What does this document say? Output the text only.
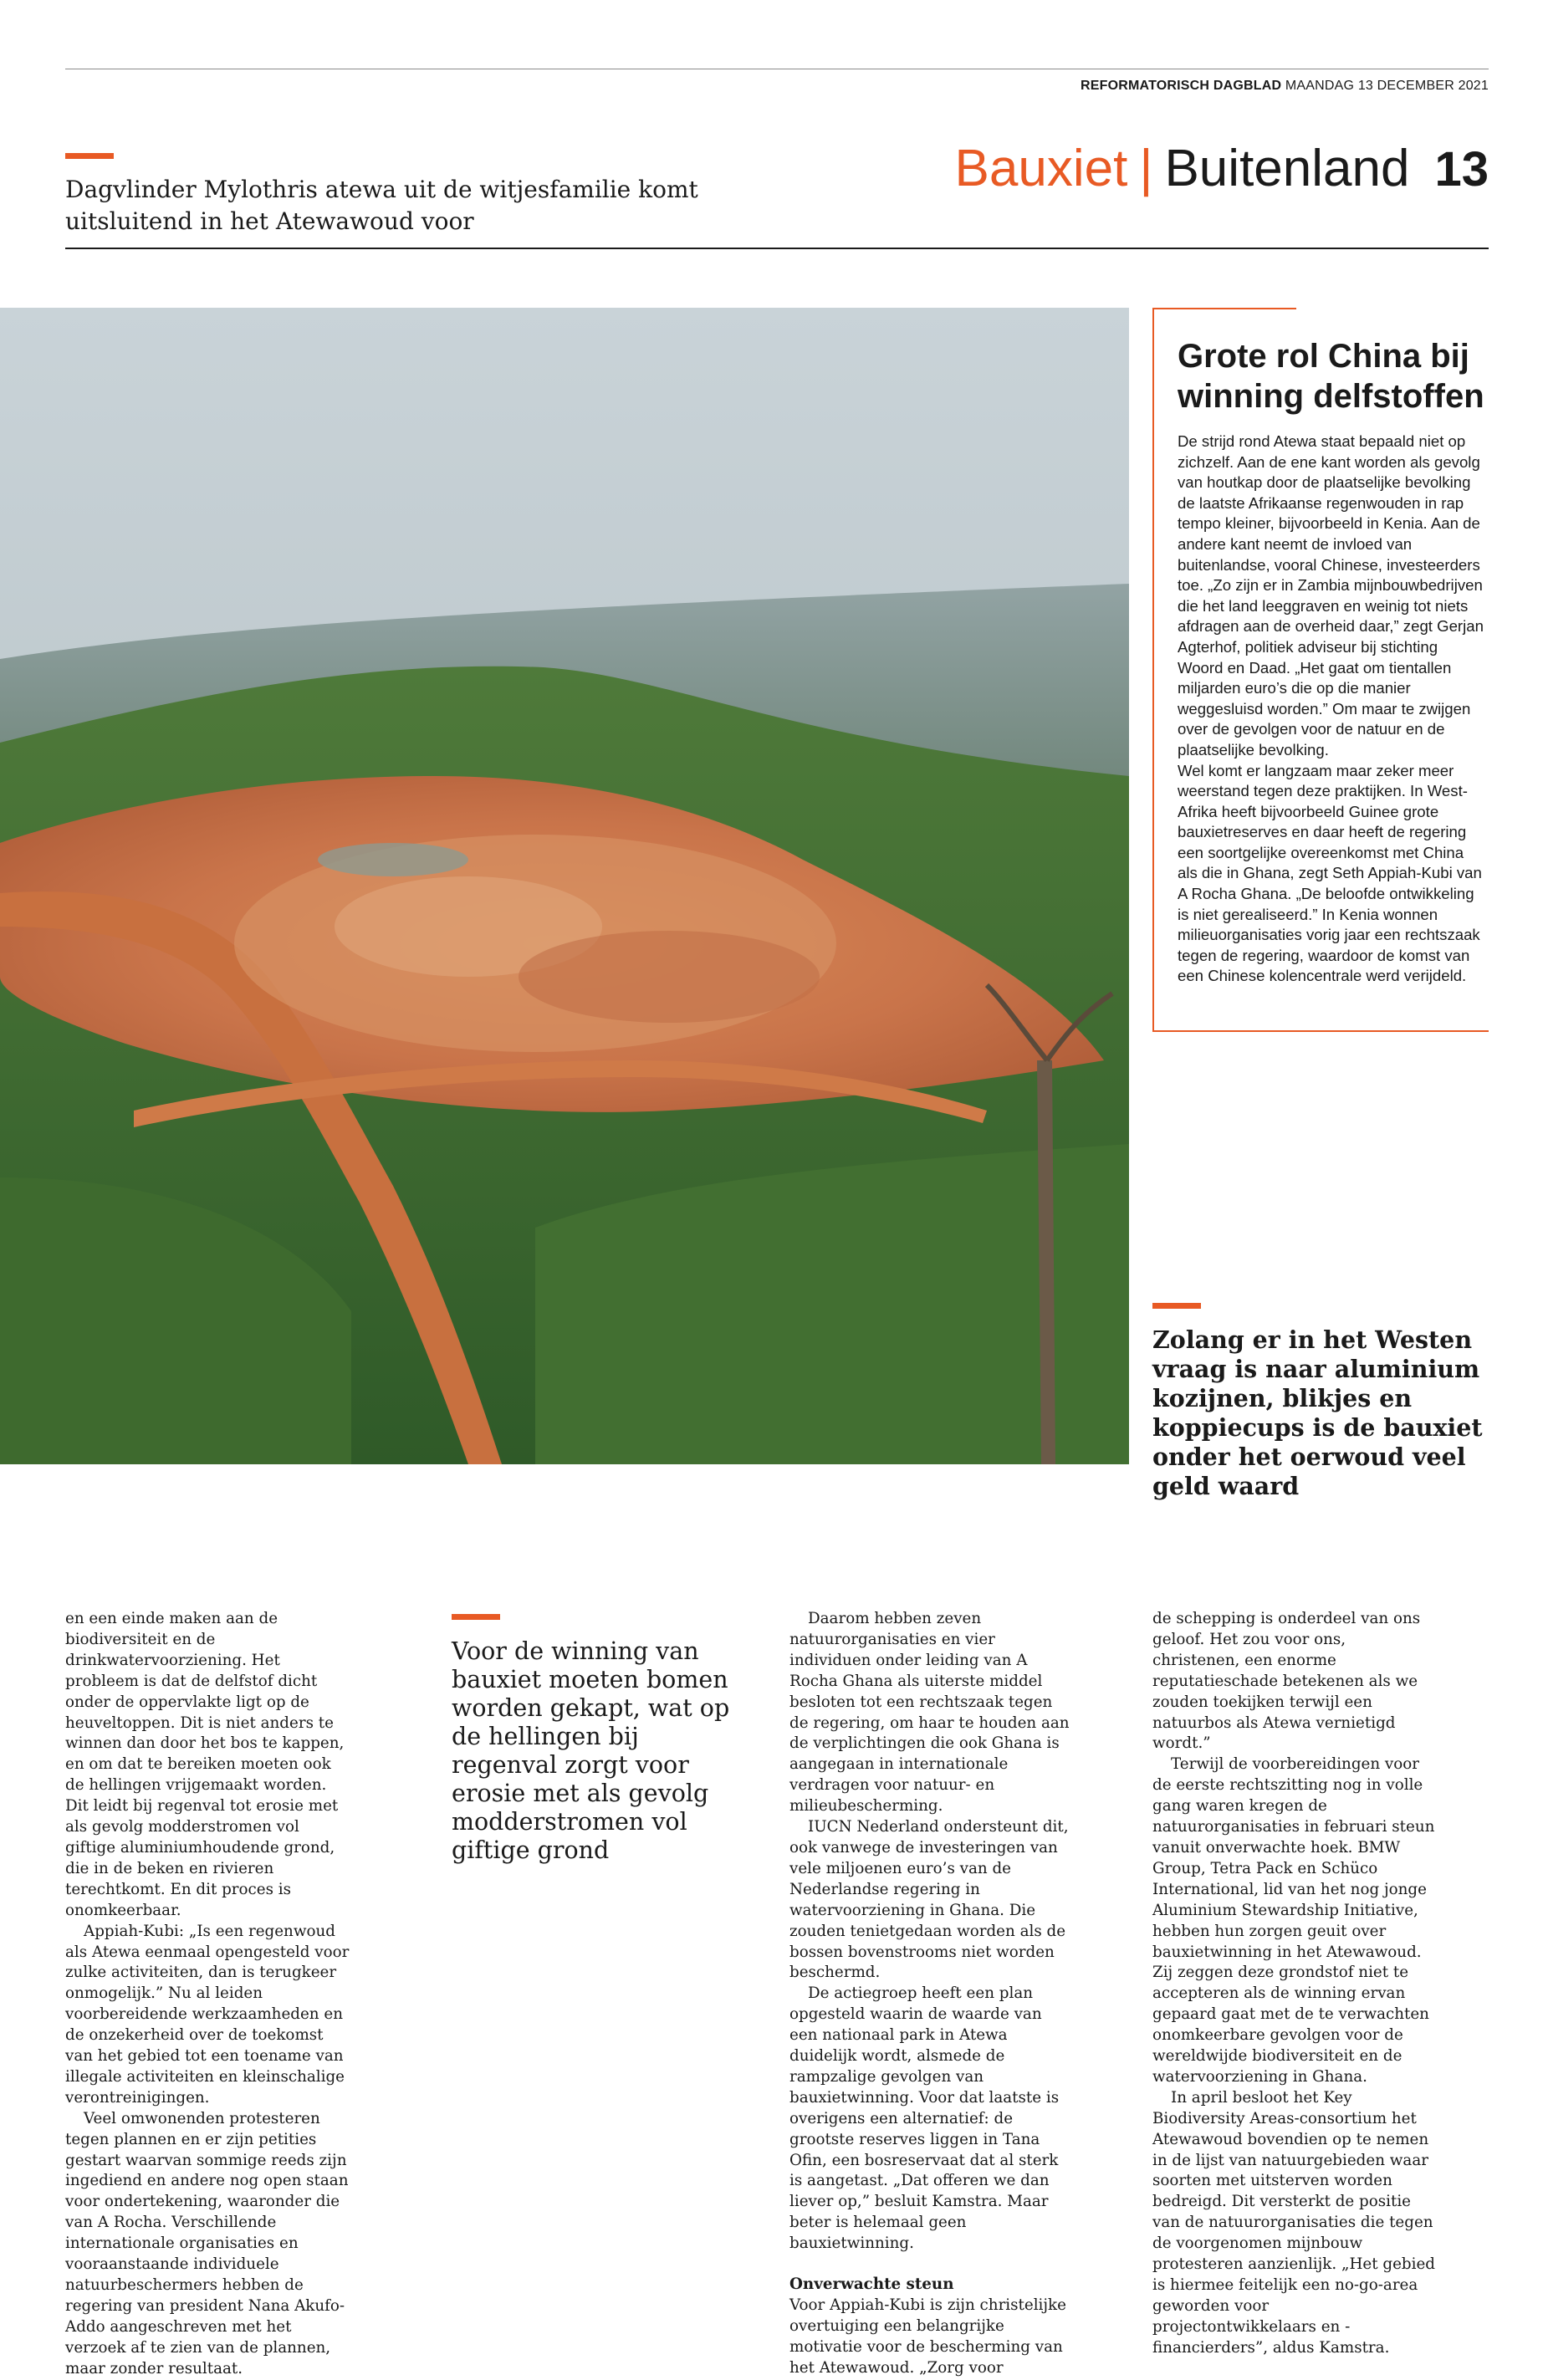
REFORMATORISCH DAGBLAD MAANDAG 13 DECEMBER 2021
Dagvlinder Mylothris atewa uit de witjesfamilie komt uitsluitend in het Atewawoud voor
Bauxiet | Buitenland 13
Grote rol China bij winning delfstoffen

De strijd rond Atewa staat bepaald niet op zichzelf. Aan de ene kant worden als gevolg van houtkap door de plaatselijke bevolking de laatste Afrikaanse regenwouden in rap tempo kleiner, bijvoorbeeld in Kenia. Aan de andere kant neemt de invloed van buitenlandse, vooral Chinese, investeerders toe. „Zo zijn er in Zambia mijnbouwbedrijven die het land leeggraven en weinig tot niets afdragen aan de overheid daar,” zegt Gerjan Agterhof, politiek adviseur bij stichting Woord en Daad. „Het gaat om tientallen miljarden euro’s die op die manier weggesluisd worden.” Om maar te zwijgen over de gevolgen voor de natuur en de plaatselijke bevolking.

Wel komt er langzaam maar zeker meer weerstand tegen deze praktijken. In West-Afrika heeft bijvoorbeeld Guinee grote bauxietreserves en daar heeft de regering een soortgelijke overeenkomst met China als die in Ghana, zegt Seth Appiah-Kubi van A Rocha Ghana. „De beloofde ontwikkeling is niet gerealiseerd.” In Kenia wonnen milieuorganisaties vorig jaar een rechtszaak tegen de regering, waardoor de komst van een Chinese kolencentrale werd verijdeld.

Zolang er in het Westen vraag is naar aluminium kozijnen, blikjes en koppiecups is de bauxiet onder het oerwoud veel geld waard

en een einde maken aan de biodiversiteit en de drinkwatervoorziening. Het probleem is dat de delfstof dicht onder de oppervlakte ligt op de heuveltoppen. Dit is niet anders te winnen dan door het bos te kappen, en om dat te bereiken moeten ook de hellingen vrijgemaakt worden. Dit leidt bij regenval tot erosie met als gevolg modderstromen vol giftige aluminiumhoudende grond, die in de beken en rivieren terechtkomt. En dit proces is onomkeerbaar.

Appiah-Kubi: „Is een regenwoud als Atewa eenmaal opengesteld voor zulke activiteiten, dan is terugkeer onmogelijk.” Nu al leiden voorbereidende werkzaamheden en de onzekerheid over de toekomst van het gebied tot een toename van illegale activiteiten en kleinschalige verontreinigingen.

Veel omwonenden protesteren tegen plannen en er zijn petities gestart waarvan sommige reeds zijn ingediend en andere nog open staan voor ondertekening, waaronder die van A Rocha. Verschillende internationale organisaties en vooraanstaande individuele natuurbeschermers hebben de regering van president Nana Akufo-Addo aangeschreven met het verzoek af te zien van de plannen, maar zonder resultaat.

Voor de winning van bauxiet moeten bomen worden gekapt, wat op de hellingen bij regenval zorgt voor erosie met als gevolg modderstromen vol giftige grond

Daarom hebben zeven natuurorganisaties en vier individuen onder leiding van A Rocha Ghana als uiterste middel besloten tot een rechtszaak tegen de regering, om haar te houden aan de verplichtingen die ook Ghana is aangegaan in internationale verdragen voor natuur- en milieubescherming.

IUCN Nederland ondersteunt dit, ook vanwege de investeringen van vele miljoenen euro’s van de Nederlandse regering in watervoorziening in Ghana. Die zouden tenietgedaan worden als de bossen bovenstrooms niet worden beschermd.

De actiegroep heeft een plan opgesteld waarin de waarde van een nationaal park in Atewa duidelijk wordt, alsmede de rampzalige gevolgen van bauxietwinning. Voor dat laatste is overigens een alternatief: de grootste reserves liggen in Tana Ofin, een bosreservaat dat al sterk is aangetast. „Dat offeren we dan liever op,” besluit Kamstra. Maar beter is helemaal geen bauxietwinning.

Onverwachte steun

Voor Appiah-Kubi is zijn christelijke overtuiging een belangrijke motivatie voor de bescherming van het Atewawoud. „Zorg voor

de schepping is onderdeel van ons geloof. Het zou voor ons, christenen, een enorme reputatieschade betekenen als we zouden toekijken terwijl een natuurbos als Atewa vernietigd wordt.”

Terwijl de voorbereidingen voor de eerste rechtszitting nog in volle gang waren kregen de natuurorganisaties in februari steun vanuit onverwachte hoek. BMW Group, Tetra Pack en Schüco International, lid van het nog jonge Aluminium Stewardship Initiative, hebben hun zorgen geuit over bauxietwinning in het Atewawoud. Zij zeggen deze grondstof niet te accepteren als de winning ervan gepaard gaat met de te verwachten onomkeerbare gevolgen voor de wereldwijde biodiversiteit en de watervoorziening in Ghana.

In april besloot het Key Biodiversity Areas-consortium het Atewawoud bovendien op te nemen in de lijst van natuurgebieden waar soorten met uitsterven worden bedreigd. Dit versterkt de positie van de natuurorganisaties die tegen de voorgenomen mijnbouw protesteren aanzienlijk. „Het gebied is hiermee feitelijk een no-go-area geworden voor projectontwikkelaars en -financierders”, aldus Kamstra.
